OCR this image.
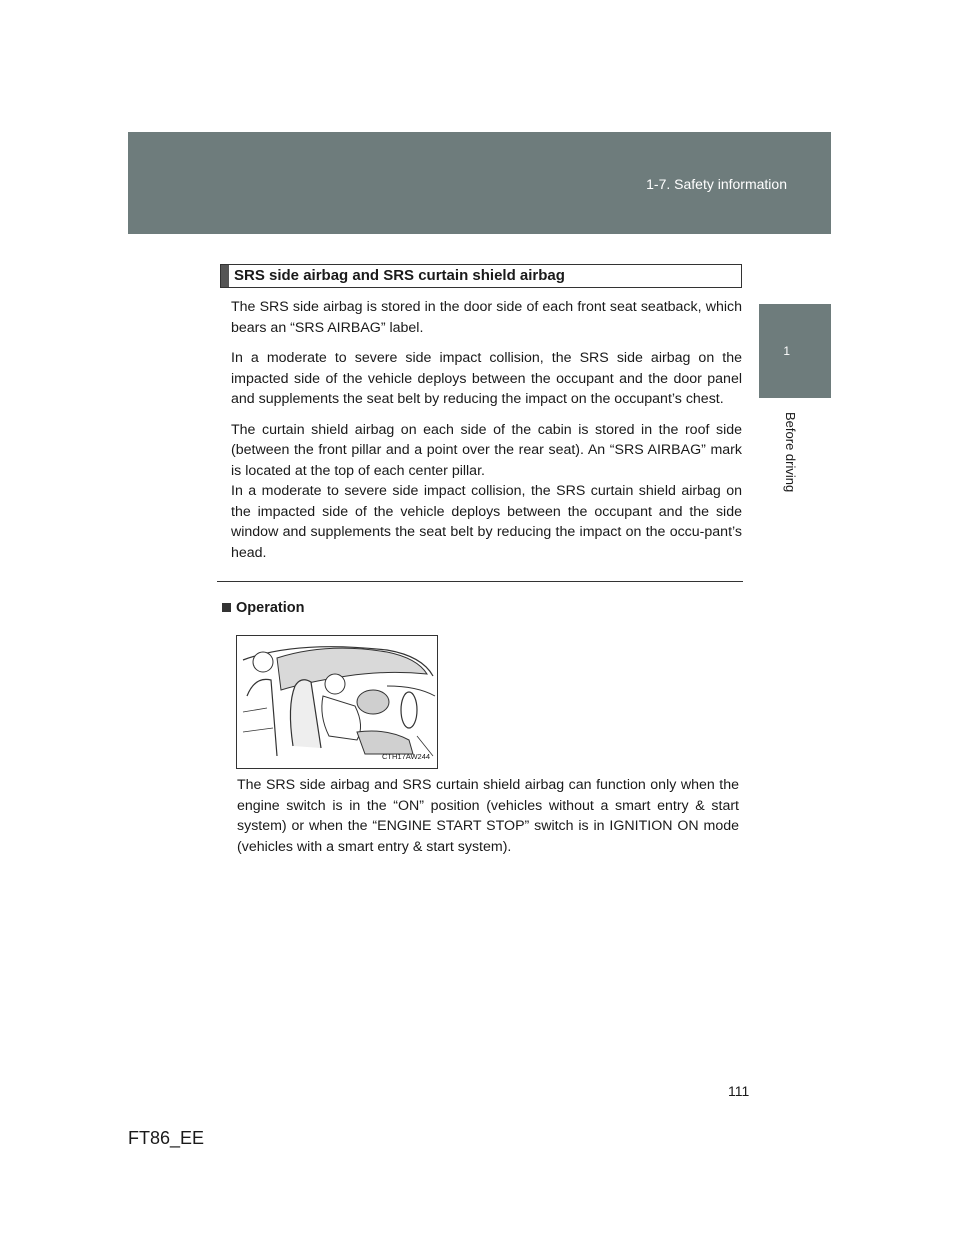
1-7. Safety information
1
Before driving
SRS side airbag and SRS curtain shield airbag

The SRS side airbag is stored in the door side of each front seat seatback, which bears an “SRS AIRBAG” label.

In a moderate to severe side impact collision, the SRS side airbag on the impacted side of the vehicle deploys between the occupant and the door panel and supplements the seat belt by reducing the impact on the occupant’s chest.

The curtain shield airbag on each side of the cabin is stored in the roof side (between the front pillar and a point over the rear seat). An “SRS AIRBAG” mark is located at the top of each center pillar.

In a moderate to severe side impact collision, the SRS curtain shield airbag on the impacted side of the vehicle deploys between the occupant and the side window and supplements the seat belt by reducing the impact on the occu-pant’s head.

Operation
CTH17AW244

The SRS side airbag and SRS curtain shield airbag can function only when the engine switch is in the “ON” position (vehicles without a smart entry & start system) or when the “ENGINE START STOP” switch is in IGNITION ON mode (vehicles with a smart entry & start system).

111
FT86_EE
